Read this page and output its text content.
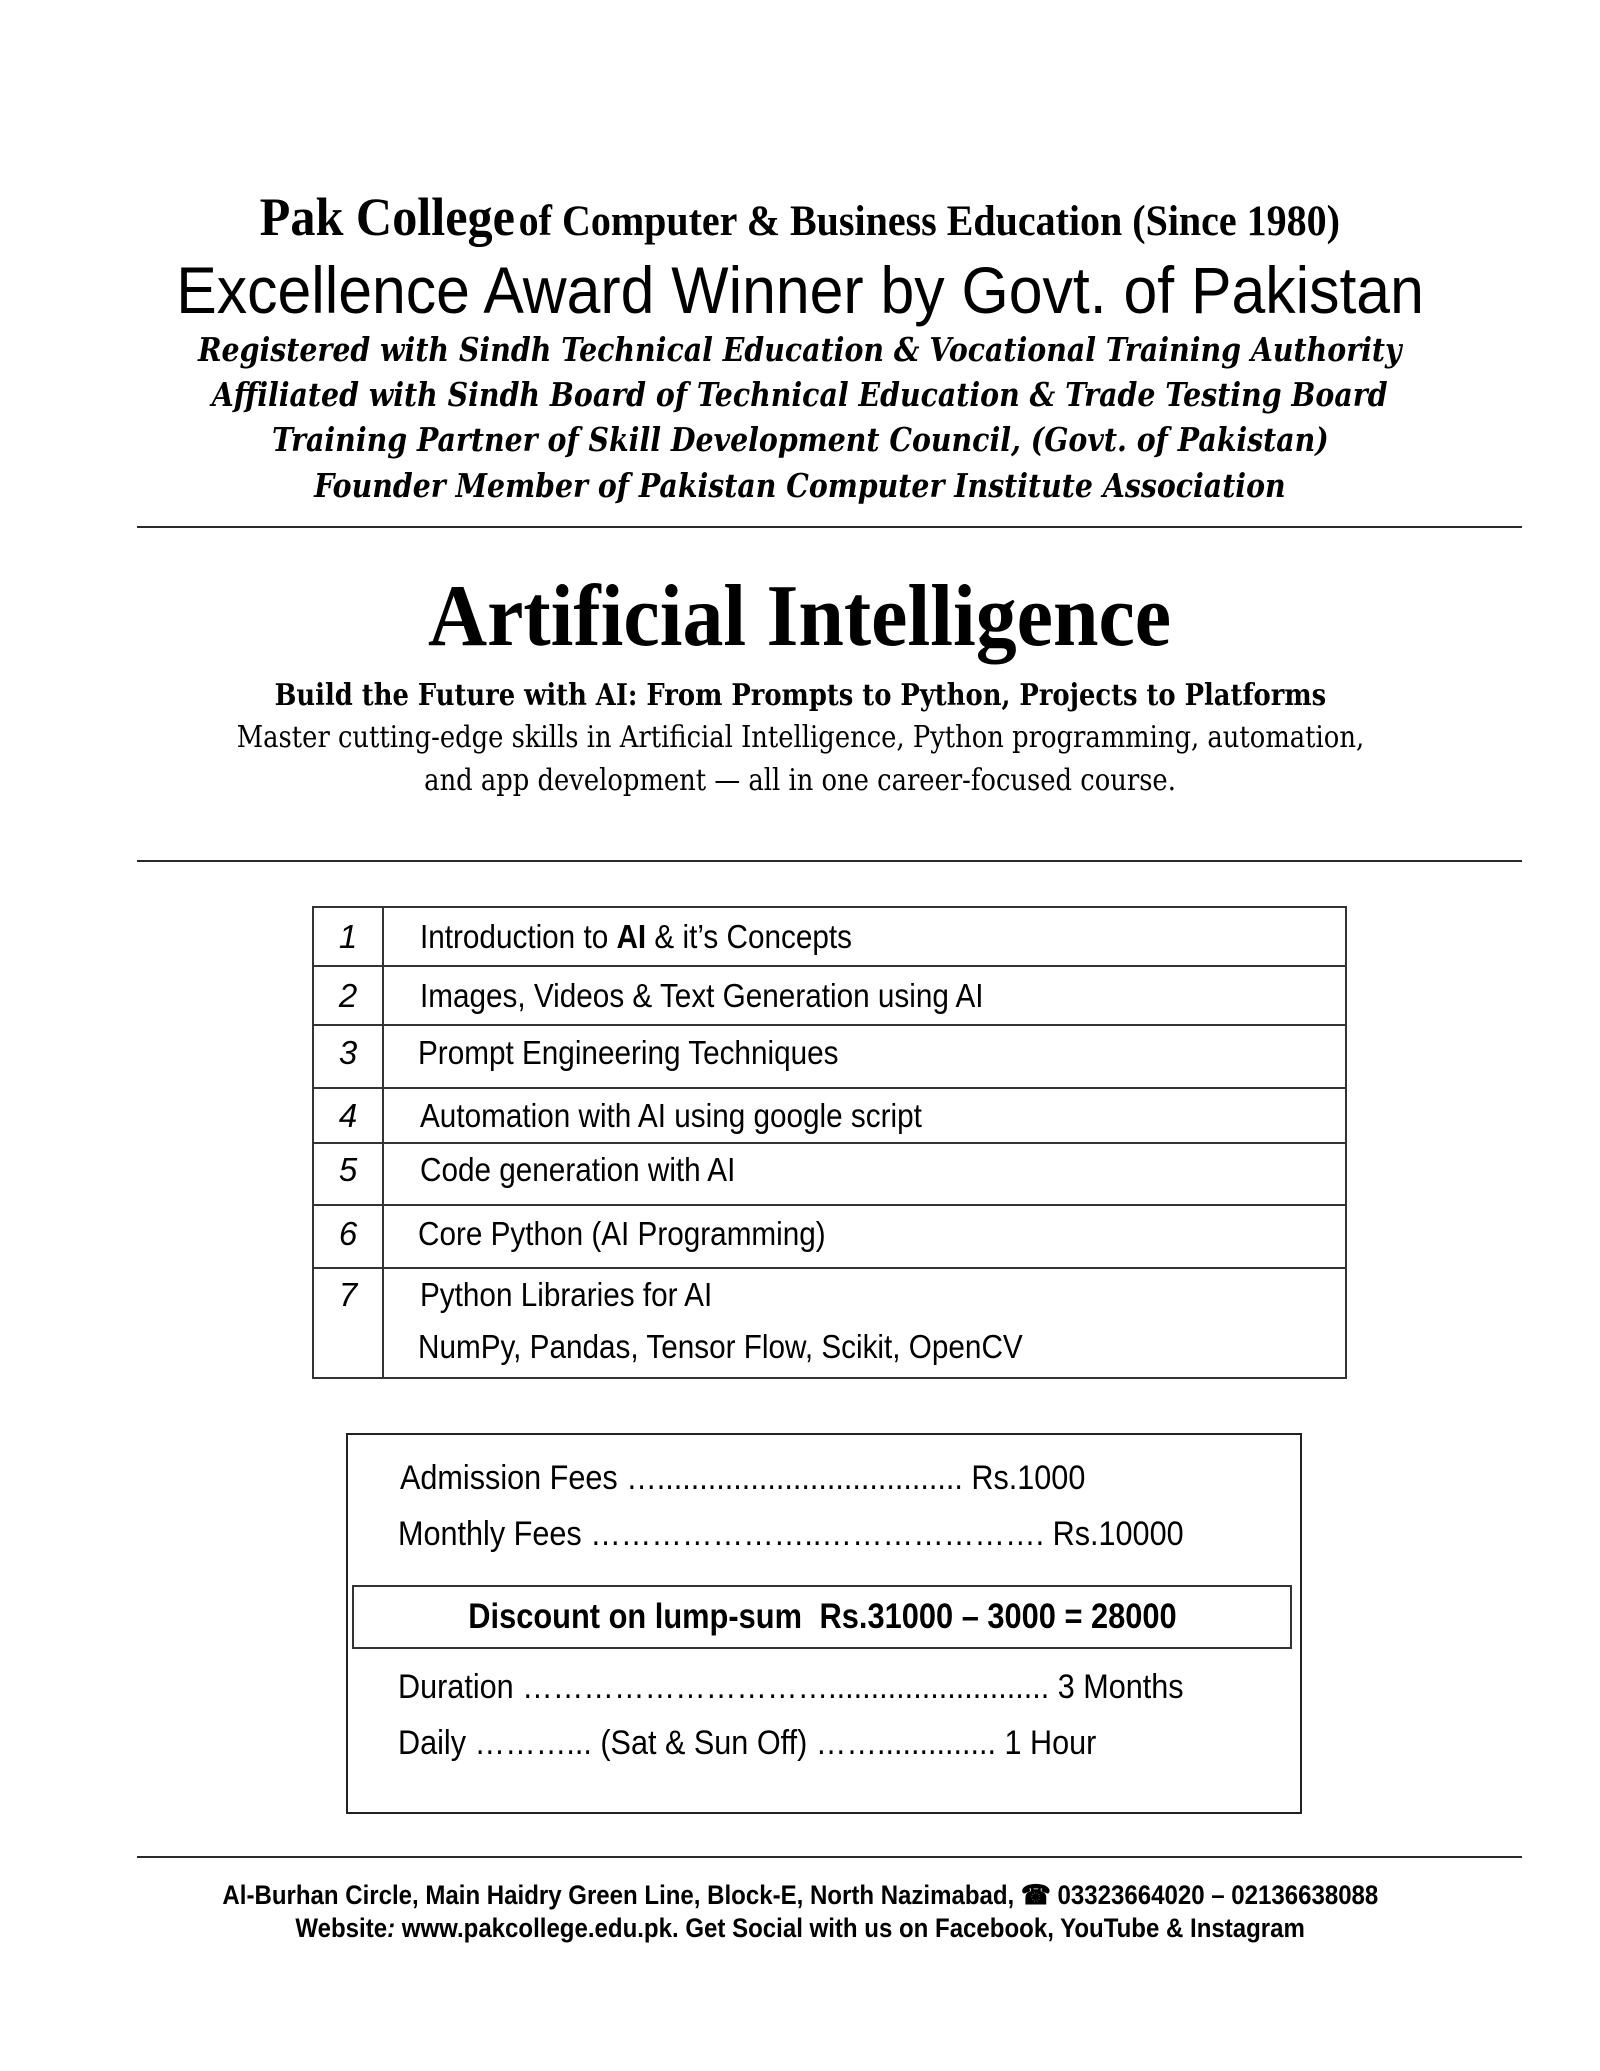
Pak College of Computer & Business Education (Since 1980)
Excellence Award Winner by Govt. of Pakistan
Registered with Sindh Technical Education & Vocational Training Authority
Affiliated with Sindh Board of Technical Education & Trade Testing Board
Training Partner of Skill Development Council, (Govt. of Pakistan)
Founder Member of Pakistan Computer Institute Association
Artificial Intelligence
Build the Future with AI: From Prompts to Python, Projects to Platforms
Master cutting-edge skills in Artificial Intelligence, Python programming, automation,
and app development — all in one career-focused course.
1	Introduction to AI & it’s Concepts
2	Images, Videos & Text Generation using AI
3	Prompt Engineering Techniques
4	Automation with AI using google script
5	Code generation with AI
6	Core Python (AI Programming)
7	Python Libraries for AI
NumPy, Pandas, Tensor Flow, Scikit, OpenCV
Admission Fees ….................................... Rs.1000
Monthly Fees …………………..…………………. Rs.10000
Discount on lump-sum Rs.31000 – 3000 = 28000
Duration ………………………….......................... 3 Months
Daily ………... (Sat & Sun Off) …….............. 1 Hour
Al-Burhan Circle, Main Haidry Green Line, Block-E, North Nazimabad, ☎ 03323664020 – 02136638088
Website: www.pakcollege.edu.pk. Get Social with us on Facebook, YouTube & Instagram
